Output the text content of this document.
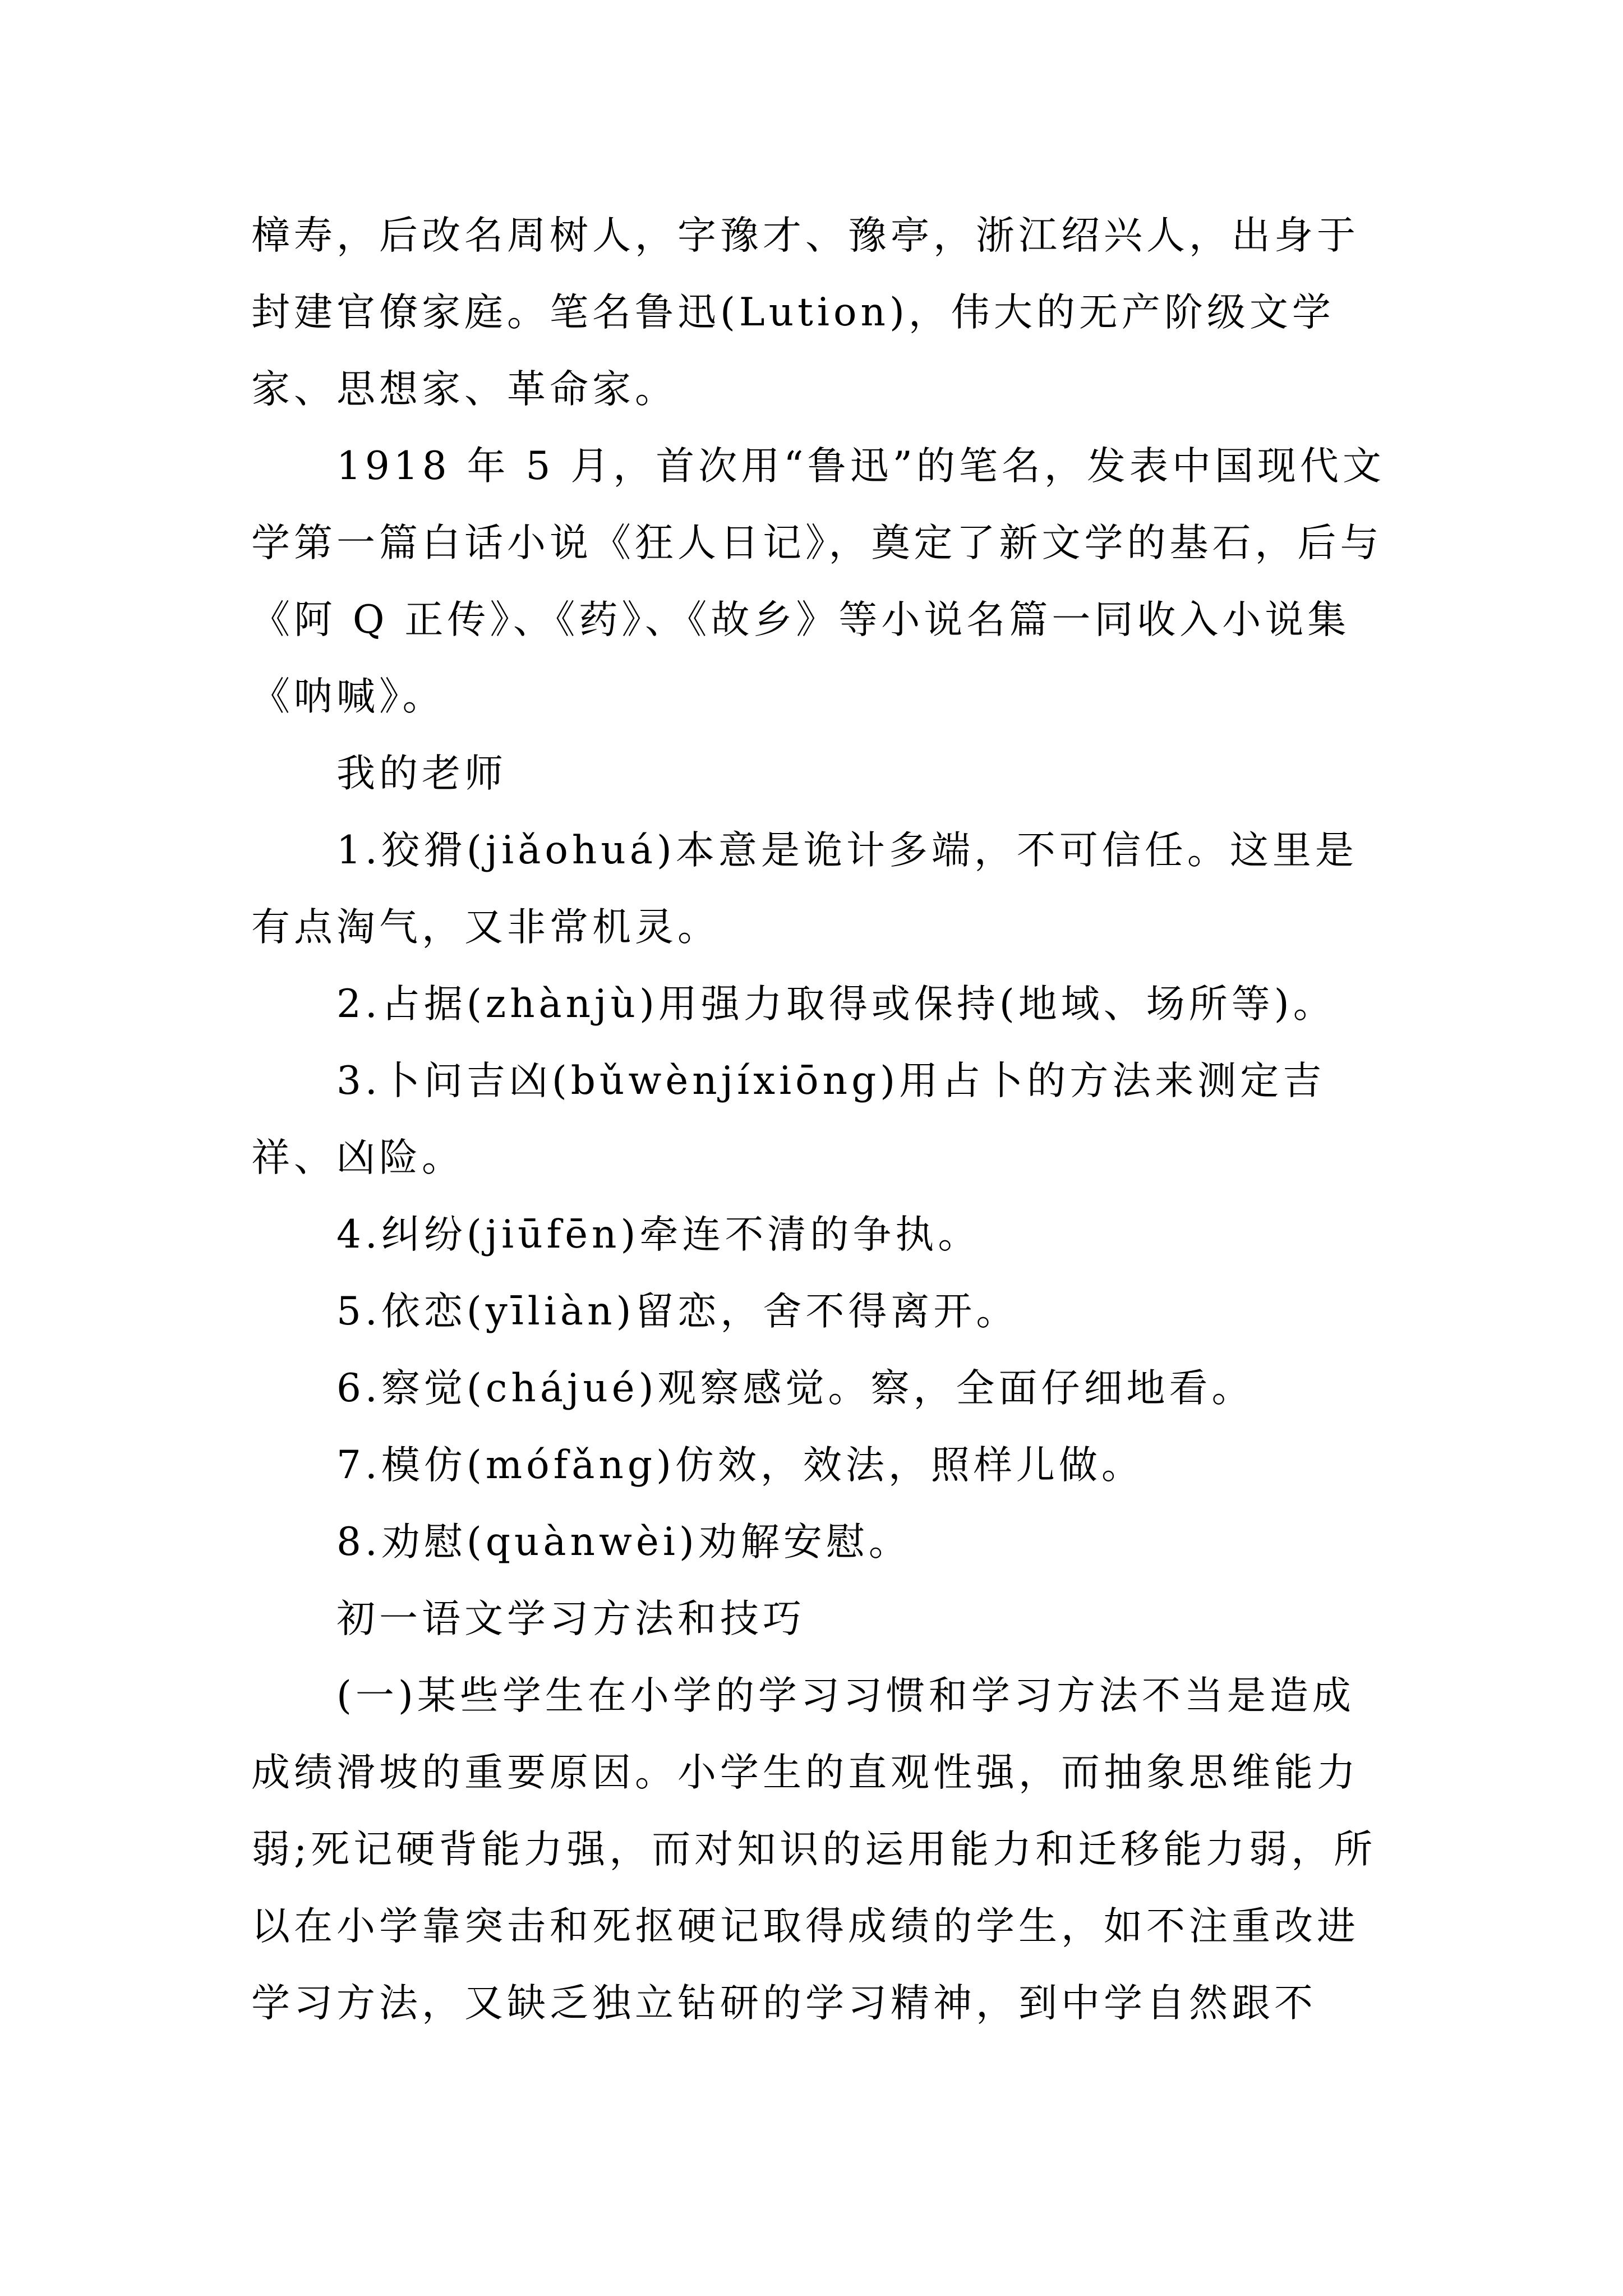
樟寿，后改名周树人，字豫才、豫亭，浙江绍兴人，出身于封建官僚家庭。笔名鲁迅(Lution)，伟大的无产阶级文学家、思想家、革命家。

1918 年 5 月，首次用“鲁迅”的笔名，发表中国现代文学第一篇白话小说《狂人日记》，奠定了新文学的基石，后与《阿 Q 正传》、《药》、《故乡》等小说名篇一同收入小说集《呐喊》。

我的老师

1.狡猾(jiǎohuá)本意是诡计多端，不可信任。这里是有点淘气，又非常机灵。

2.占据(zhànjù)用强力取得或保持(地域、场所等)。

3.卜问吉凶(bǔwènjíxiōng)用占卜的方法来测定吉祥、凶险。

4.纠纷(jiūfēn)牵连不清的争执。

5.依恋(yīliàn)留恋，舍不得离开。

6.察觉(chájué)观察感觉。察，全面仔细地看。

7.模仿(mófǎng)仿效，效法，照样儿做。

8.劝慰(quànwèi)劝解安慰。

初一语文学习方法和技巧

(一)某些学生在小学的学习习惯和学习方法不当是造成成绩滑坡的重要原因。小学生的直观性强，而抽象思维能力弱;死记硬背能力强，而对知识的运用能力和迁移能力弱，所以在小学靠突击和死抠硬记取得成绩的学生，如不注重改进学习方法，又缺乏独立钻研的学习精神，到中学自然跟不
